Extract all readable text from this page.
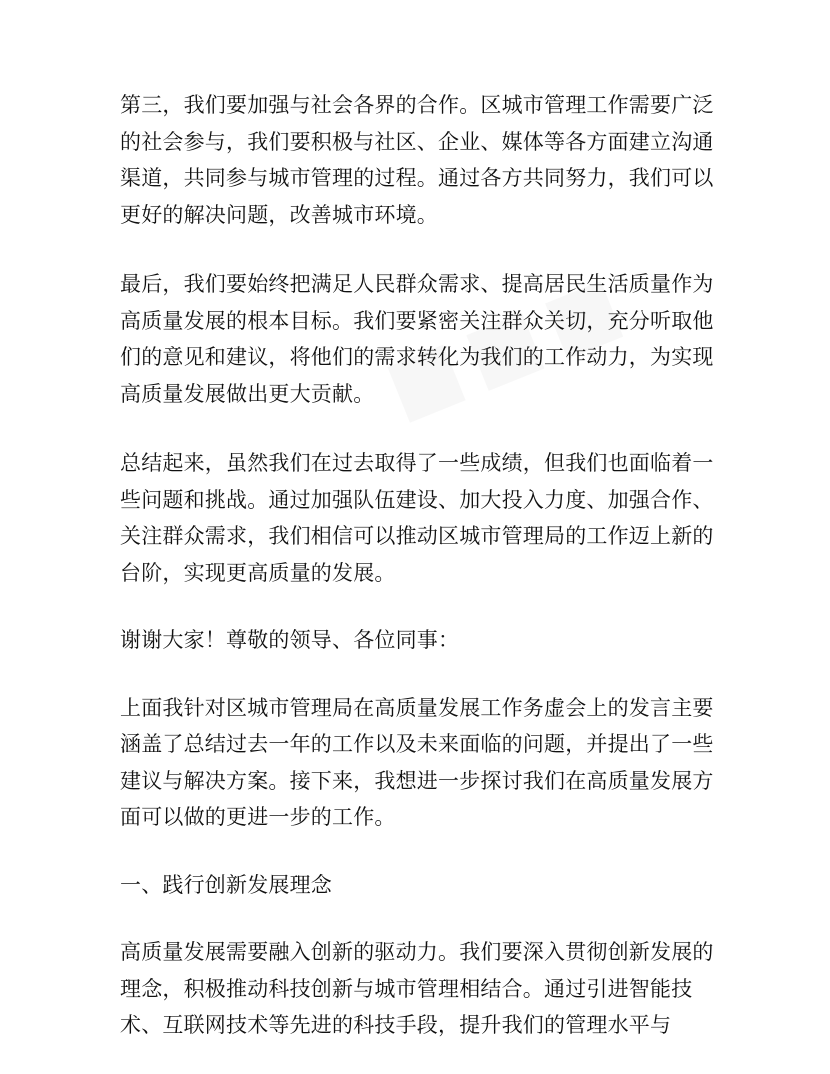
第三，我们要加强与社会各界的合作。区城市管理工作需要广泛的社会参与，我们要积极与社区、企业、媒体等各方面建立沟通渠道，共同参与城市管理的过程。通过各方共同努力，我们可以更好的解决问题，改善城市环境。

最后，我们要始终把满足人民群众需求、提高居民生活质量作为高质量发展的根本目标。我们要紧密关注群众关切，充分听取他们的意见和建议，将他们的需求转化为我们的工作动力，为实现高质量发展做出更大贡献。

总结起来，虽然我们在过去取得了一些成绩，但我们也面临着一些问题和挑战。通过加强队伍建设、加大投入力度、加强合作、关注群众需求，我们相信可以推动区城市管理局的工作迈上新的台阶，实现更高质量的发展。

谢谢大家！尊敬的领导、各位同事：

上面我针对区城市管理局在高质量发展工作务虚会上的发言主要涵盖了总结过去一年的工作以及未来面临的问题，并提出了一些建议与解决方案。接下来，我想进一步探讨我们在高质量发展方面可以做的更进一步的工作。

一、践行创新发展理念

高质量发展需要融入创新的驱动力。我们要深入贯彻创新发展的理念，积极推动科技创新与城市管理相结合。通过引进智能技术、互联网技术等先进的科技手段，提升我们的管理水平与
